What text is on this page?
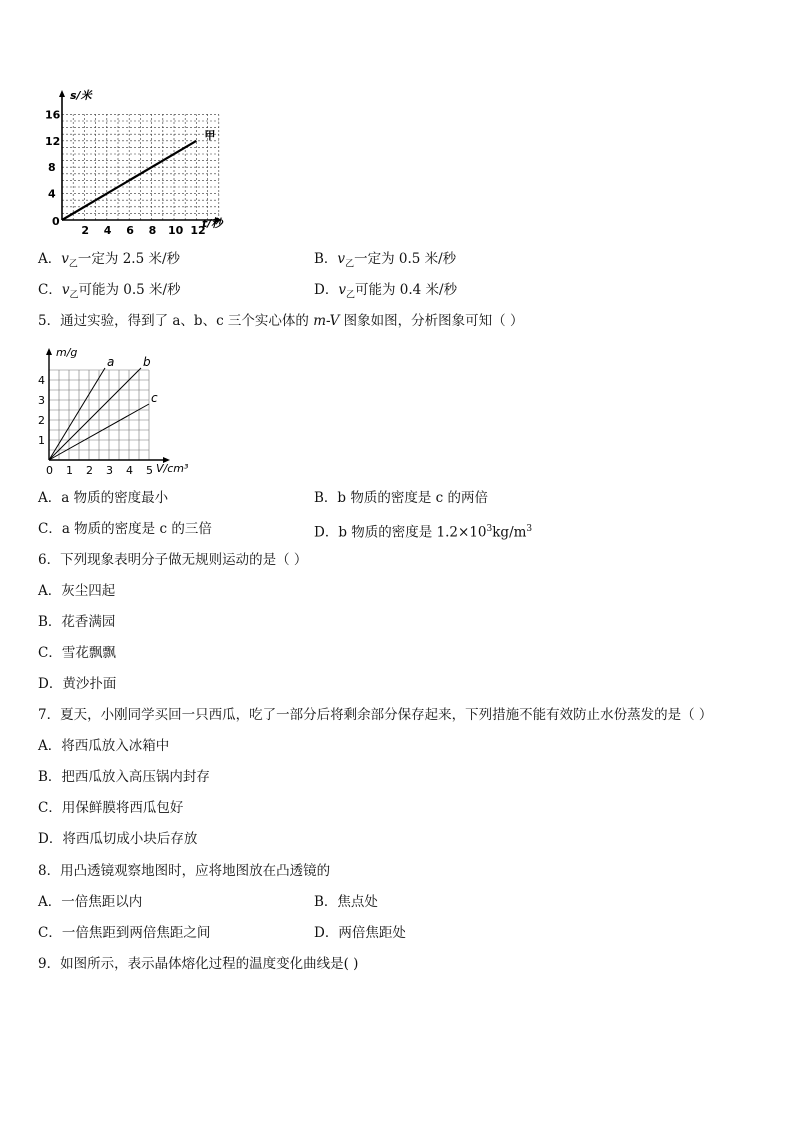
s/米
t/秒
0
2 4 6 8 10 12
4
8
12
16
甲
A．$v_乙$一定为 2.5 米/秒	B．$v_乙$一定为 0.5 米/秒
C．$v_乙$可能为 0.5 米/秒	D．$v_乙$可能为 0.4 米/秒
5．通过实验，得到了 a、b、c 三个实心体的 m-V 图象如图，分析图象可知（ ）
m/g
V/cm³
0 1 2 3 4 5
1
2
3
4
a b
c
A．a 物质的密度最小	B．b 物质的密度是 c 的两倍
C．a 物质的密度是 c 的三倍	D．b 物质的密度是 $1.2\times 10^3kg/m^3$
6．下列现象表明分子做无规则运动的是（ ）
A．灰尘四起
B．花香满园
C．雪花飘飘
D．黄沙扑面
7．夏天，小刚同学买回一只西瓜，吃了一部分后将剩余部分保存起来，下列措施不能有效防止水份蒸发的是（ ）
A．将西瓜放入冰箱中
B．把西瓜放入高压锅内封存
C．用保鲜膜将西瓜包好
D．将西瓜切成小块后存放
8．用凸透镜观察地图时，应将地图放在凸透镜的
A．一倍焦距以内	B．焦点处
C．一倍焦距到两倍焦距之间	D．两倍焦距处
9．如图所示，表示晶体熔化过程的温度变化曲线是( )
